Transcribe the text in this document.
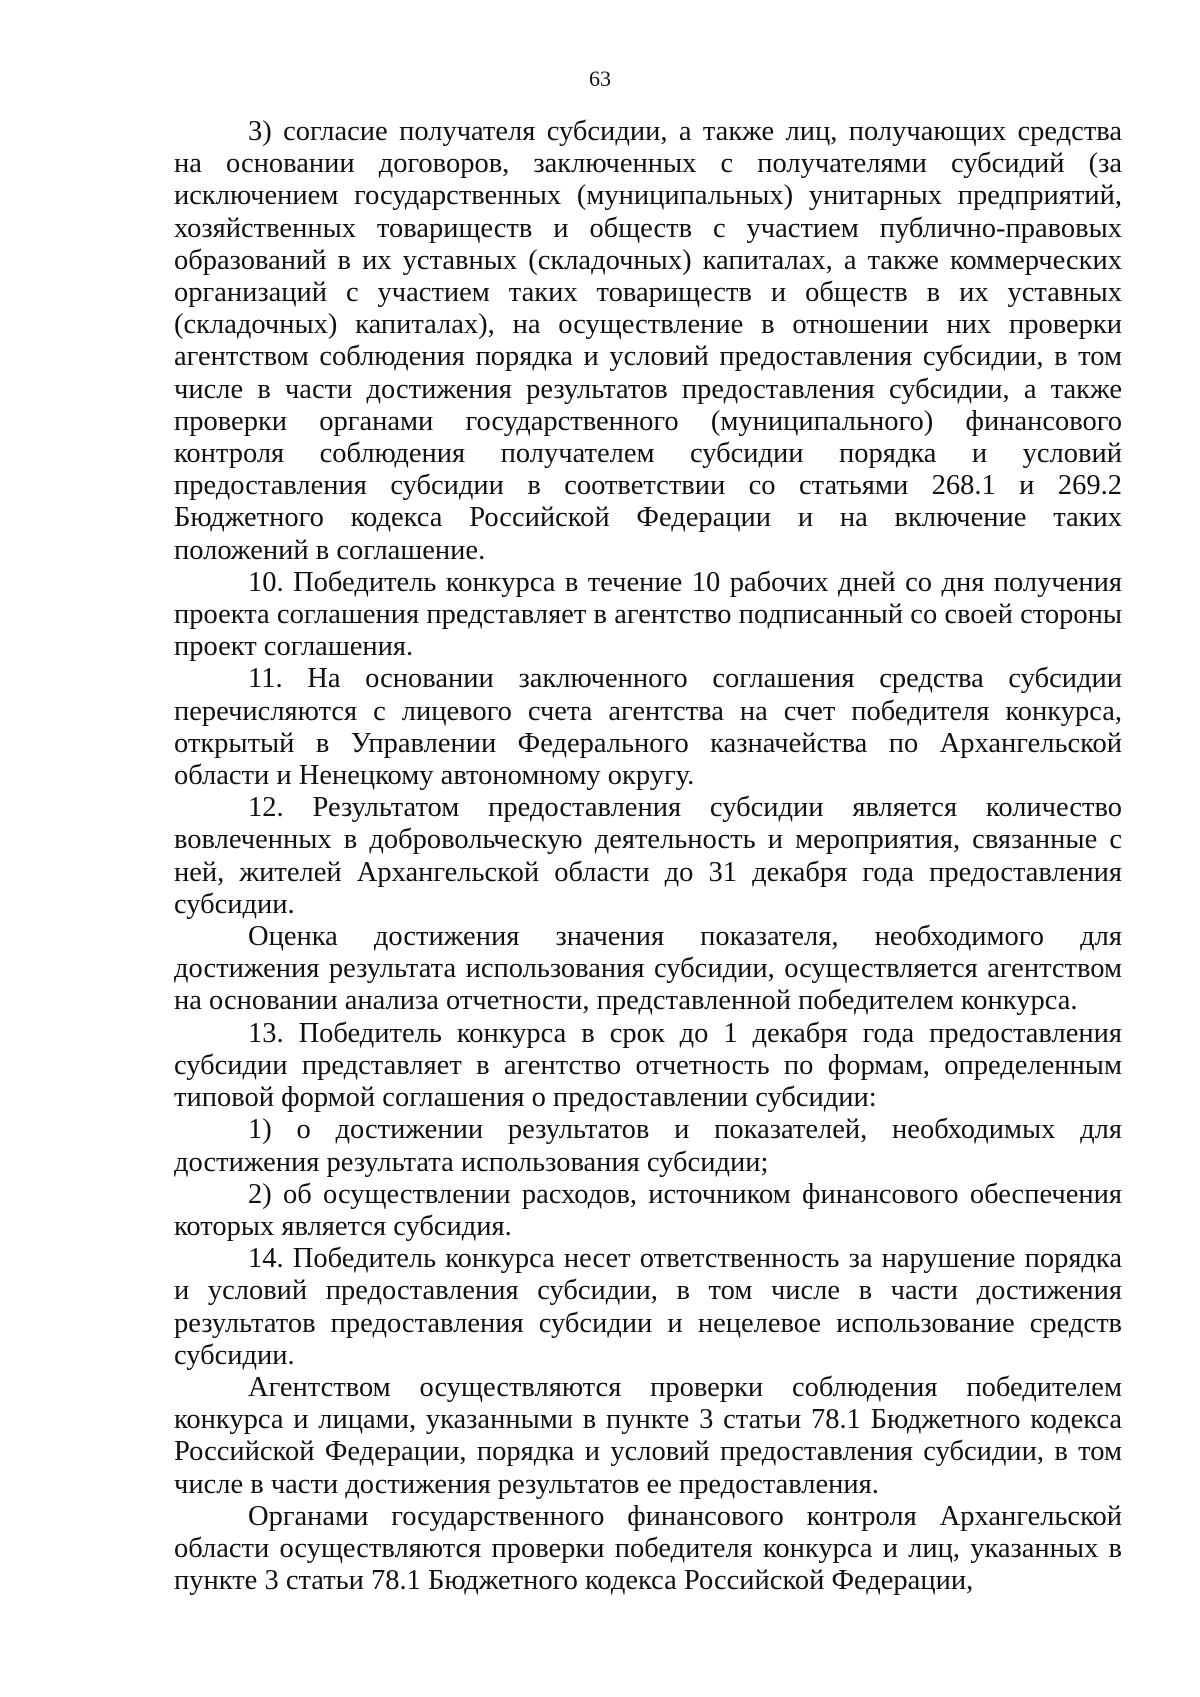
63

3) согласие получателя субсидии, а также лиц, получающих средства на основании договоров, заключенных с получателями субсидий (за исключением государственных (муниципальных) унитарных предприятий, хозяйственных товариществ и обществ с участием публично-правовых образований в их уставных (складочных) капиталах, а также коммерческих организаций с участием таких товариществ и обществ в их уставных (складочных) капиталах), на осуществление в отношении них проверки агентством соблюдения порядка и условий предоставления субсидии, в том числе в части достижения результатов предоставления субсидии, а также проверки органами государственного (муниципального) финансового контроля соблюдения получателем субсидии порядка и условий предоставления субсидии в соответствии со статьями 268.1 и 269.2 Бюджетного кодекса Российской Федерации и на включение таких положений в соглашение.

10. Победитель конкурса в течение 10 рабочих дней со дня получения проекта соглашения представляет в агентство подписанный со своей стороны проект соглашения.

11. На основании заключенного соглашения средства субсидии перечисляются с лицевого счета агентства на счет победителя конкурса, открытый в Управлении Федерального казначейства по Архангельской области и Ненецкому автономному округу.

12. Результатом предоставления субсидии является количество вовлеченных в добровольческую деятельность и мероприятия, связанные с ней, жителей Архангельской области до 31 декабря года предоставления субсидии.

Оценка достижения значения показателя, необходимого для достижения результата использования субсидии, осуществляется агентством на основании анализа отчетности, представленной победителем конкурса.

13. Победитель конкурса в срок до 1 декабря года предоставления субсидии представляет в агентство отчетность по формам, определенным типовой формой соглашения о предоставлении субсидии:

1) о достижении результатов и показателей, необходимых для достижения результата использования субсидии;

2) об осуществлении расходов, источником финансового обеспечения которых является субсидия.

14. Победитель конкурса несет ответственность за нарушение порядка и условий предоставления субсидии, в том числе в части достижения результатов предоставления субсидии и нецелевое использование средств субсидии.

Агентством осуществляются проверки соблюдения победителем конкурса и лицами, указанными в пункте 3 статьи 78.1 Бюджетного кодекса Российской Федерации, порядка и условий предоставления субсидии, в том числе в части достижения результатов ее предоставления.

Органами государственного финансового контроля Архангельской области осуществляются проверки победителя конкурса и лиц, указанных в пункте 3 статьи 78.1 Бюджетного кодекса Российской Федерации,
